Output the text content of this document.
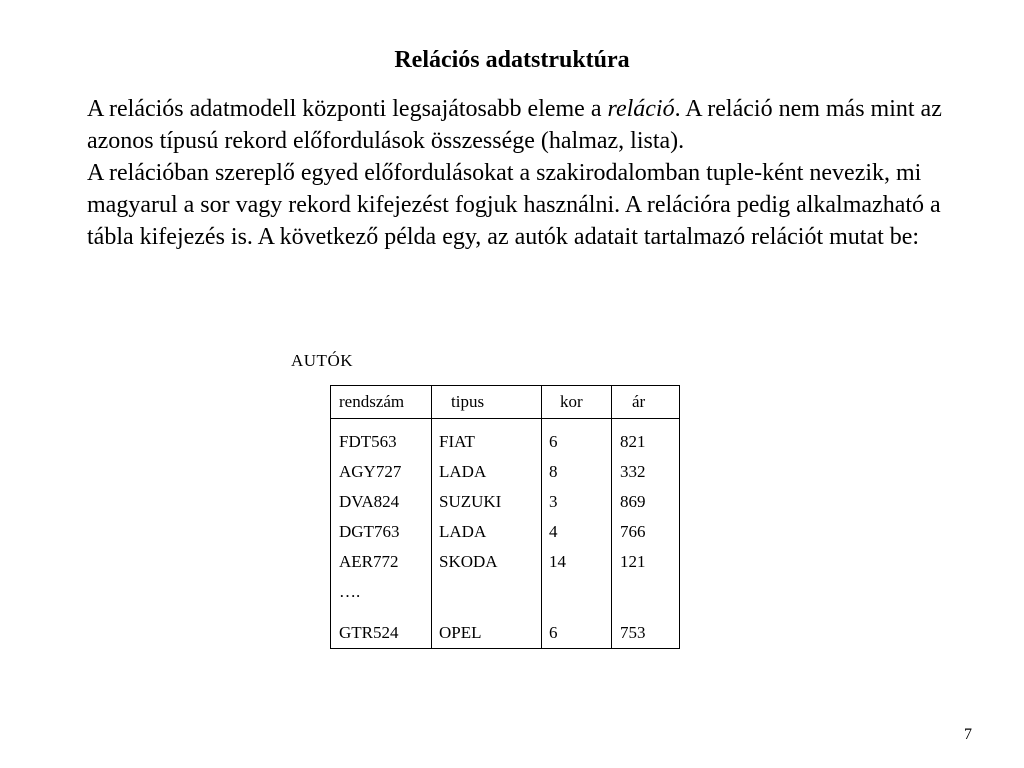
Relációs adatstruktúra

A relációs adatmodell központi legsajátosabb eleme a reláció. A reláció nem más mint az azonos típusú rekord előfordulások összessége (halmaz, lista).

A relációban szereplő egyed előfordulásokat a szakirodalomban tuple-ként nevezik, mi magyarul a sor vagy rekord kifejezést fogjuk használni. A relációra pedig alkalmazható a tábla kifejezés is. A következő példa egy, az autók adatait tartalmazó relációt mutat be:

AUTÓK
rendszám	tipus	kor	ár
FDT563 FIAT	6	821
AGY727 LADA	8	332
DVA824 SUZUKI	3	869
DGT763 LADA	4	766
AER772 SKODA	14	121
….
GTR524 OPEL	6	753
7
